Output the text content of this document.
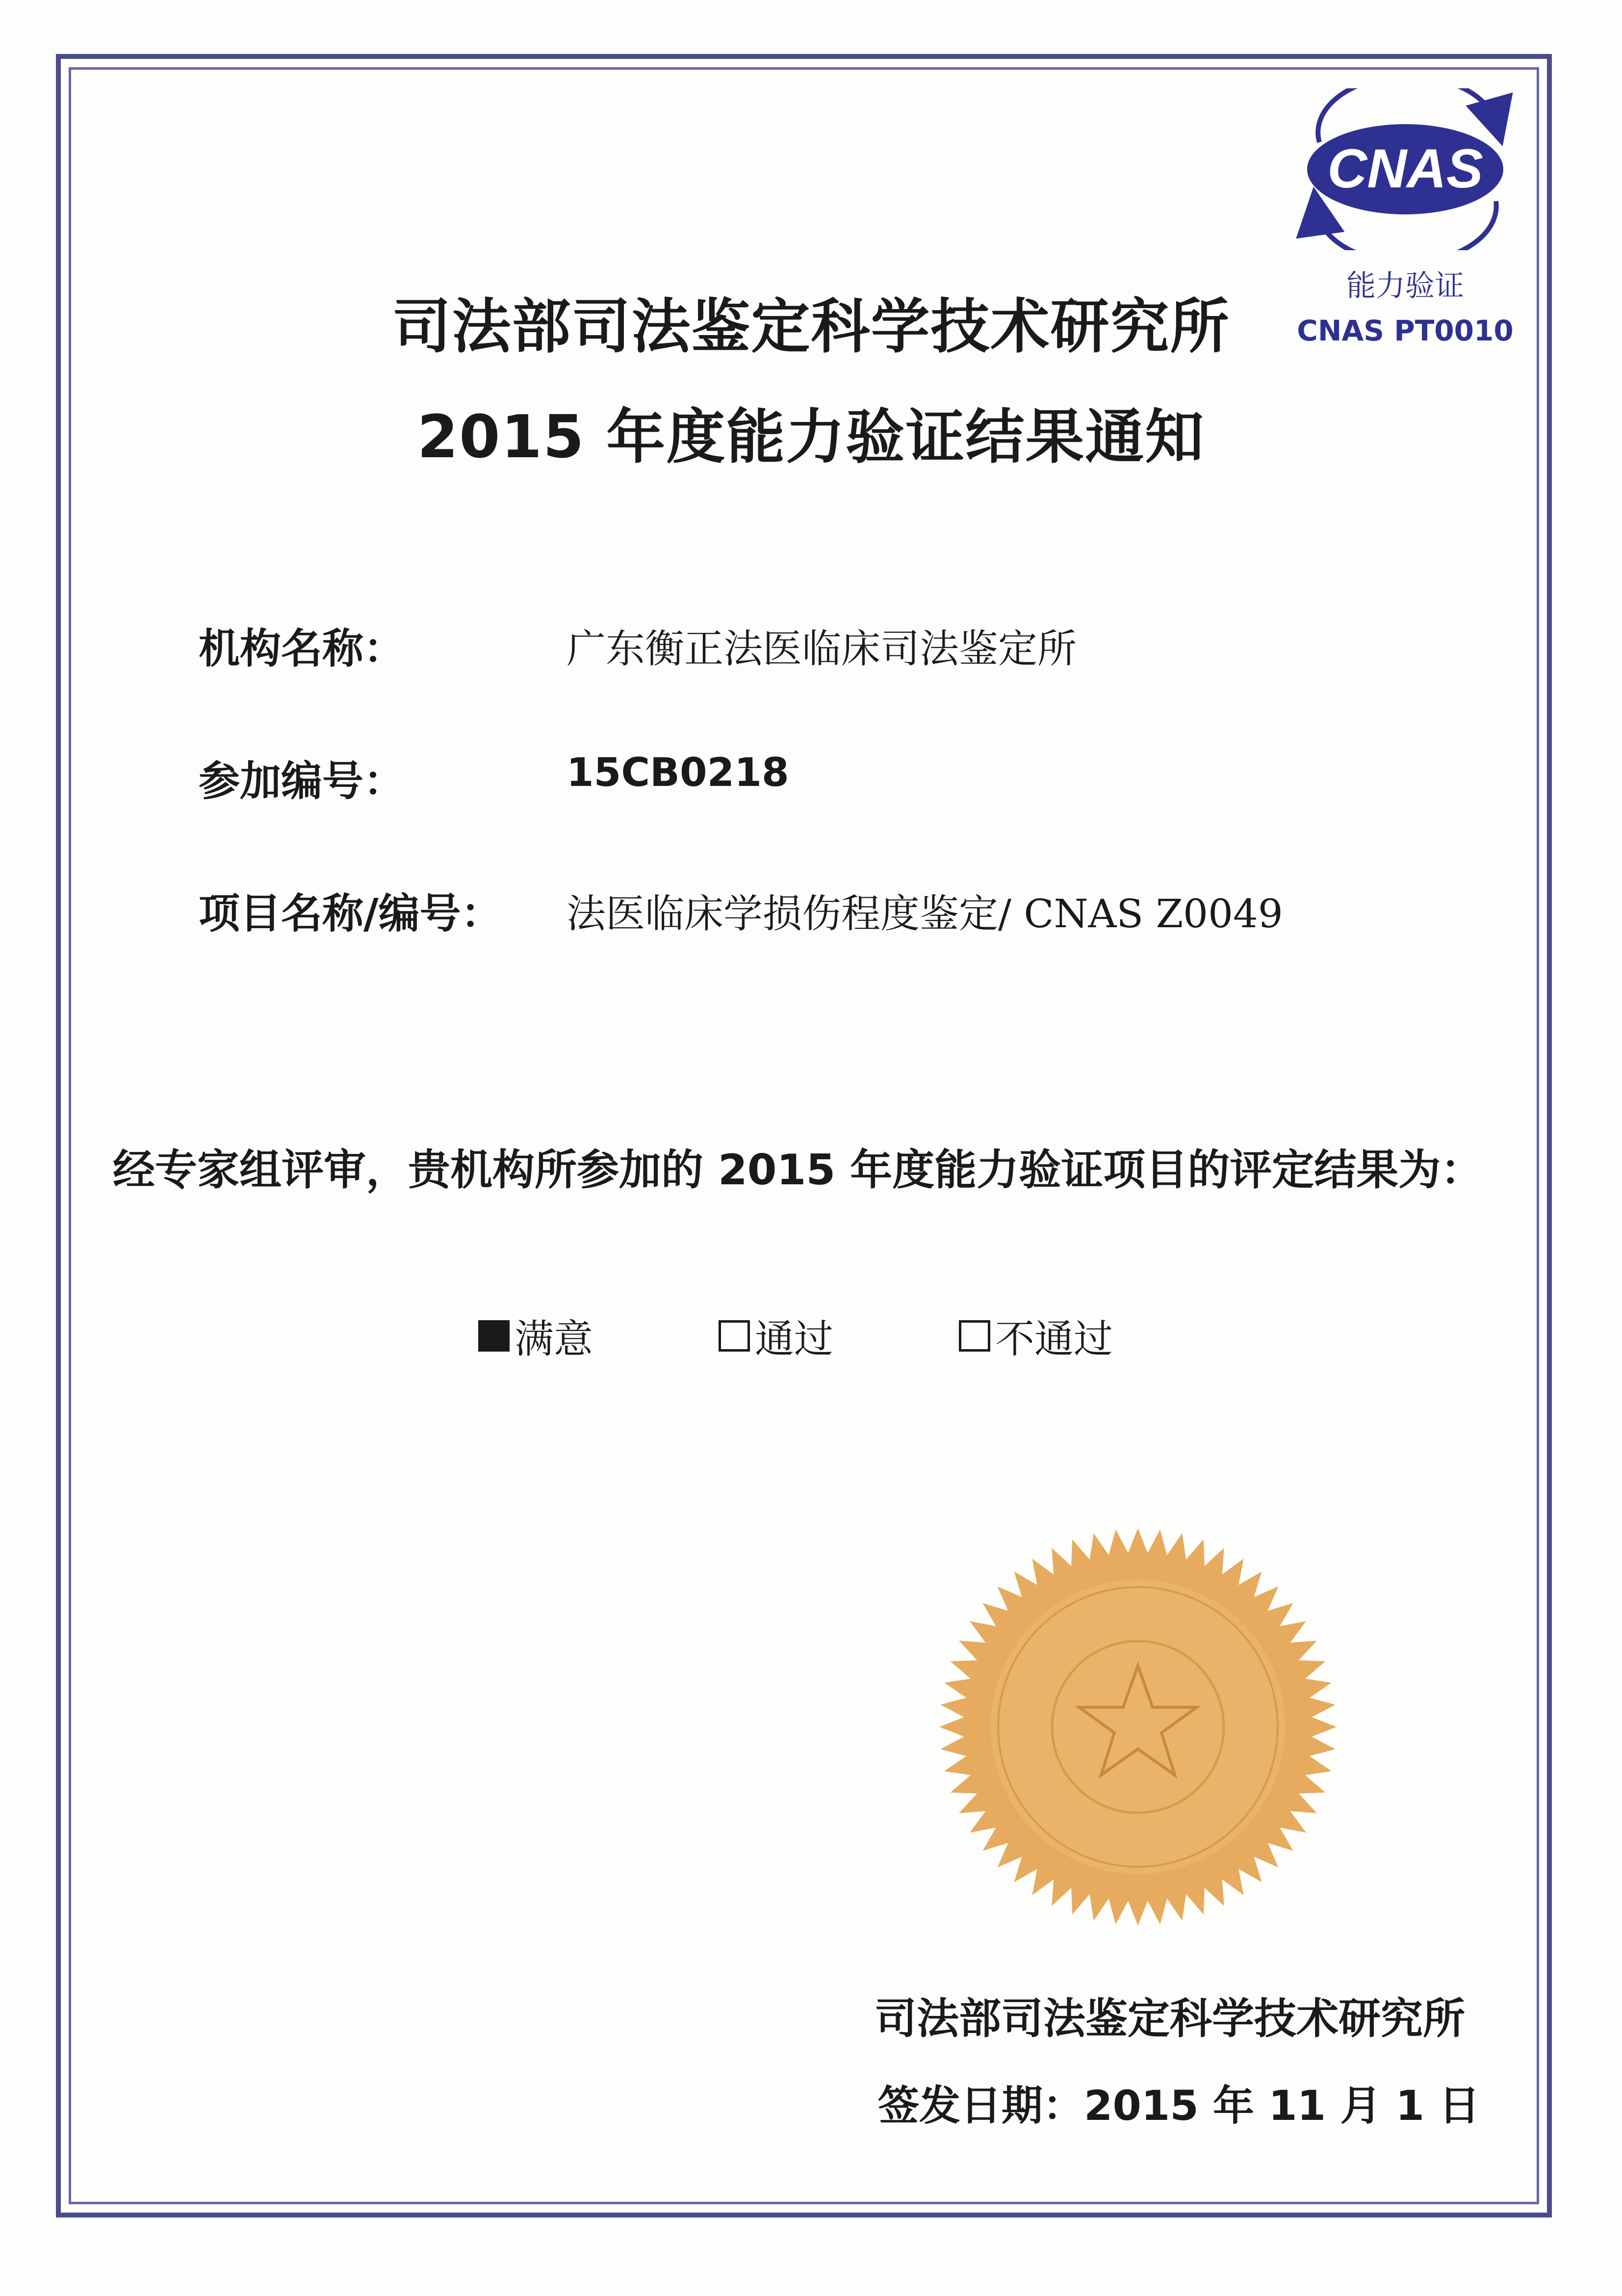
CNAS
能力验证
CNAS PT0010
司法部司法鉴定科学技术研究所
2015 年度能力验证结果通知
机构名称：	广东衡正法医临床司法鉴定所
参加编号：	15CB0218
项目名称/编号： 法医临床学损伤程度鉴定/ CNAS Z0049
经专家组评审，贵机构所参加的 2015 年度能力验证项目的评定结果为：
满意	通过	不通过
司法部司法鉴定科学技术研究所
签发日期：2015 年 11 月 1 日
